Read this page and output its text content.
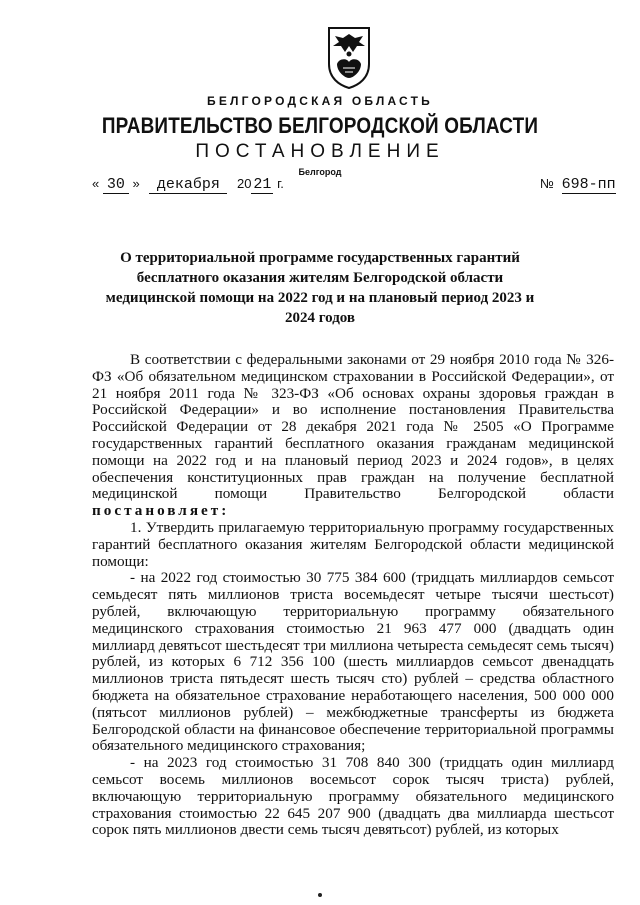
БЕЛГОРОДСКАЯ ОБЛАСТЬ
ПРАВИТЕЛЬСТВО БЕЛГОРОДСКОЙ ОБЛАСТИ
ПОСТАНОВЛЕНИЕ
Белгород
« 30 » декабря 20 21 г.	№ 698-пп
О территориальной программе государственных гарантий бесплатного оказания жителям Белгородской области медицинской помощи на 2022 год и на плановый период 2023 и 2024 годов

В соответствии с федеральными законами от 29 ноября 2010 года № 326-ФЗ «Об обязательном медицинском страховании в Российской Федерации», от 21 ноября 2011 года № 323-ФЗ «Об основах охраны здоровья граждан в Российской Федерации» и во исполнение постановления Правительства Российской Федерации от 28 декабря 2021 года № 2505 «О Программе государственных гарантий бесплатного оказания гражданам медицинской помощи на 2022 год и на плановый период 2023 и 2024 годов», в целях обеспечения конституционных прав граждан на получение бесплатной медицинской помощи Правительство Белгородской области постановляет:

1. Утвердить прилагаемую территориальную программу государственных гарантий бесплатного оказания жителям Белгородской области медицинской помощи:

- на 2022 год стоимостью 30 775 384 600 (тридцать миллиардов семьсот семьдесят пять миллионов триста восемьдесят четыре тысячи шестьсот) рублей, включающую территориальную программу обязательного медицинского страхования стоимостью 21 963 477 000 (двадцать один миллиард девятьсот шестьдесят три миллиона четыреста семьдесят семь тысяч) рублей, из которых 6 712 356 100 (шесть миллиардов семьсот двенадцать миллионов триста пятьдесят шесть тысяч сто) рублей – средства областного бюджета на обязательное страхование неработающего населения, 500 000 000 (пятьсот миллионов рублей) – межбюджетные трансферты из бюджета Белгородской области на финансовое обеспечение территориальной программы обязательного медицинского страхования;

- на 2023 год стоимостью 31 708 840 300 (тридцать один миллиард семьсот восемь миллионов восемьсот сорок тысяч триста) рублей, включающую территориальную программу обязательного медицинского страхования стоимостью 22 645 207 900 (двадцать два миллиарда шестьсот сорок пять миллионов двести семь тысяч девятьсот) рублей, из которых
